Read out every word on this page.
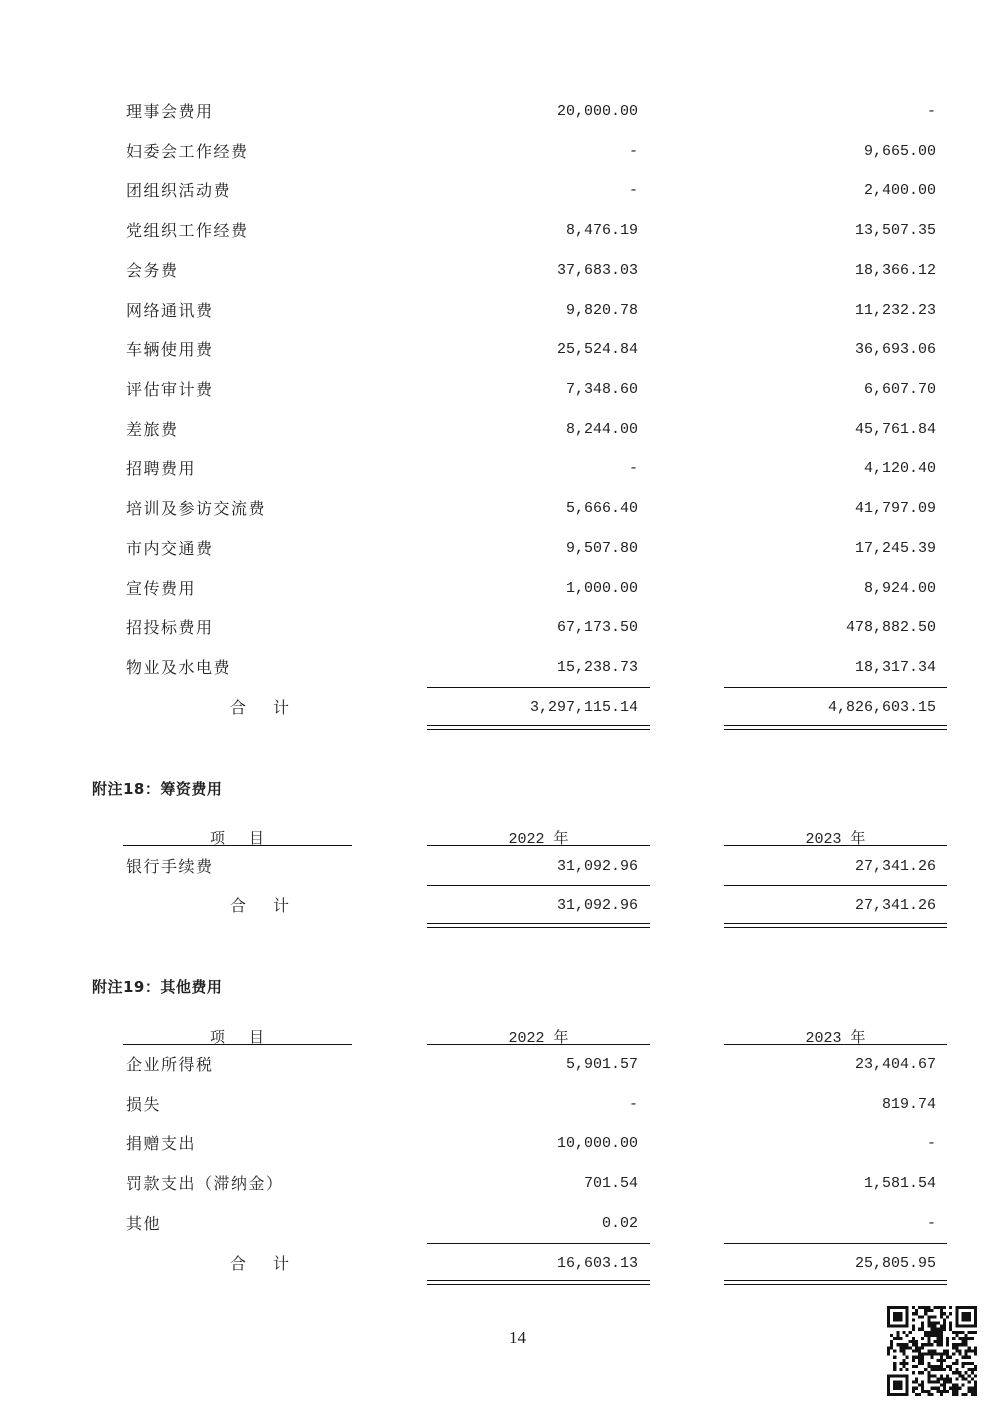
理事会费用	20,000.00	-
妇委会工作经费	-	9,665.00
团组织活动费	-	2,400.00
党组织工作经费	8,476.19	13,507.35
会务费	37,683.03	18,366.12
网络通讯费	9,820.78	11,232.23
车辆使用费	25,524.84	36,693.06
评估审计费	7,348.60	6,607.70
差旅费	8,244.00	45,761.84
招聘费用	-	4,120.40
培训及参访交流费	5,666.40	41,797.09
市内交通费	9,507.80	17,245.39
宣传费用	1,000.00	8,924.00
招投标费用	67,173.50	478,882.50
物业及水电费	15,238.73	18,317.34
合 计	3,297,115.14	4,826,603.15
附注18：筹资费用
项 目	2022 年	2023 年
银行手续费	31,092.96	27,341.26
合 计	31,092.96	27,341.26
附注19：其他费用
项 目	2022 年	2023 年
企业所得税	5,901.57	23,404.67
损失	-	819.74
捐赠支出	10,000.00	-
罚款支出（滞纳金）	701.54	1,581.54
其他	0.02	-
合 计	16,603.13	25,805.95
14
